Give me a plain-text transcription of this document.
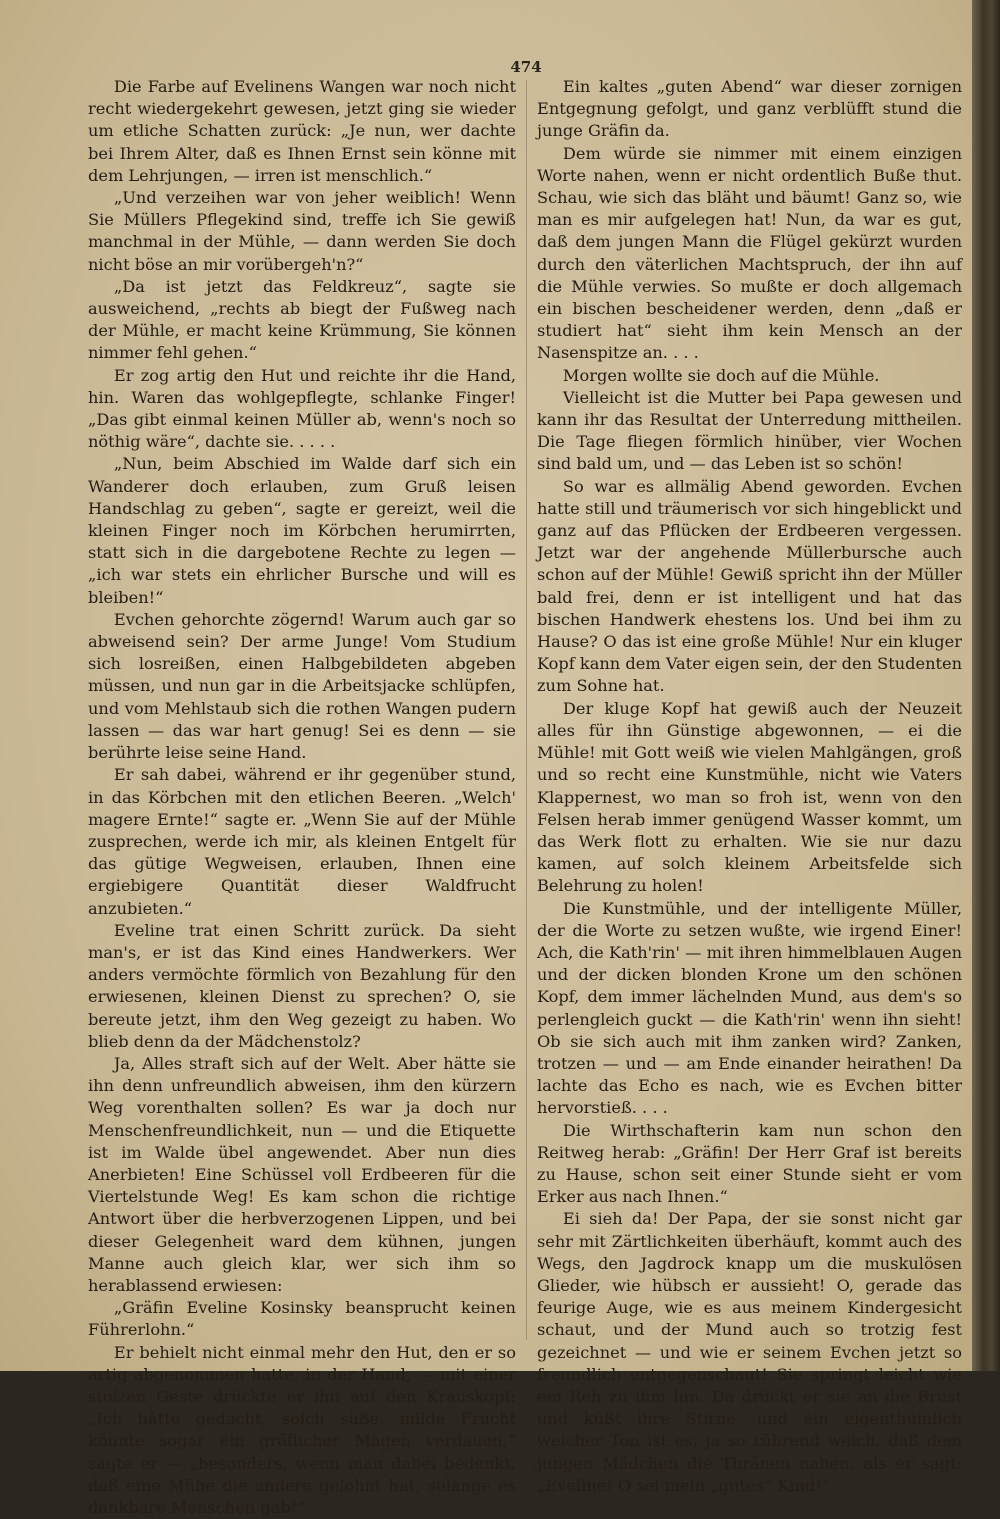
474

Die Farbe auf Evelinens Wangen war noch nicht recht wiedergekehrt gewesen, jetzt ging sie wieder um etliche Schatten zurück: „Je nun, wer dachte bei Ihrem Alter, daß es Ihnen Ernst sein könne mit dem Lehrjungen, — irren ist menschlich.“

„Und verzeihen war von jeher weiblich! Wenn Sie Müllers Pflegekind sind, treffe ich Sie gewiß manchmal in der Mühle, — dann werden Sie doch nicht böse an mir vorübergeh'n?“

„Da ist jetzt das Feldkreuz“, sagte sie ausweichend, „rechts ab biegt der Fußweg nach der Mühle, er macht keine Krümmung, Sie können nimmer fehl gehen.“

Er zog artig den Hut und reichte ihr die Hand, hin. Waren das wohlgepflegte, schlanke Finger! „Das gibt einmal keinen Müller ab, wenn's noch so nöthig wäre“, dachte sie. . . . .

„Nun, beim Abschied im Walde darf sich ein Wanderer doch erlauben, zum Gruß leisen Handschlag zu geben“, sagte er gereizt, weil die kleinen Finger noch im Körbchen herumirrten, statt sich in die dargebotene Rechte zu legen — „ich war stets ein ehrlicher Bursche und will es bleiben!“

Evchen gehorchte zögernd! Warum auch gar so abweisend sein? Der arme Junge! Vom Studium sich losreißen, einen Halbgebildeten abgeben müssen, und nun gar in die Arbeitsjacke schlüpfen, und vom Mehlstaub sich die rothen Wangen pudern lassen — das war hart genug! Sei es denn — sie berührte leise seine Hand.

Er sah dabei, während er ihr gegenüber stund, in das Körbchen mit den etlichen Beeren. „Welch' magere Ernte!“ sagte er. „Wenn Sie auf der Mühle zusprechen, werde ich mir, als kleinen Entgelt für das gütige Wegweisen, erlauben, Ihnen eine ergiebigere Quantität dieser Waldfrucht anzubieten.“

Eveline trat einen Schritt zurück. Da sieht man's, er ist das Kind eines Handwerkers. Wer anders vermöchte förmlich von Bezahlung für den erwiesenen, kleinen Dienst zu sprechen? O, sie bereute jetzt, ihm den Weg gezeigt zu haben. Wo blieb denn da der Mädchenstolz?

Ja, Alles straft sich auf der Welt. Aber hätte sie ihn denn unfreundlich abweisen, ihm den kürzern Weg vorenthalten sollen? Es war ja doch nur Menschenfreundlichkeit, nun — und die Etiquette ist im Walde übel angewendet. Aber nun dies Anerbieten! Eine Schüssel voll Erdbeeren für die Viertelstunde Weg! Es kam schon die richtige Antwort über die herbverzogenen Lippen, und bei dieser Gelegenheit ward dem kühnen, jungen Manne auch gleich klar, wer sich ihm so herablassend erwiesen:

„Gräfin Eveline Kosinsky beansprucht keinen Führerlohn.“

Er behielt nicht einmal mehr den Hut, den er so artig abgenommen hatte, in der Hand, — mit einer stolzen Geste drückte er ihn auf den Krauskopf: „Ich hätte gedacht, solch süße, milde Frucht könnte sogar ein gräflicher Magen verdauen,“ sagte er — „besonders, wenn man dabei bedenkt, daß eine Mühe die andere gelohnt hat, solange es dankbare Menschen gab!“

Ein kaltes „guten Abend“ war dieser zornigen Entgegnung gefolgt, und ganz verblüfft stund die junge Gräfin da.

Dem würde sie nimmer mit einem einzigen Worte nahen, wenn er nicht ordentlich Buße thut. Schau, wie sich das bläht und bäumt! Ganz so, wie man es mir aufgelegen hat! Nun, da war es gut, daß dem jungen Mann die Flügel gekürzt wurden durch den väterlichen Machtspruch, der ihn auf die Mühle verwies. So mußte er doch allgemach ein bischen bescheidener werden, denn „daß er studiert hat“ sieht ihm kein Mensch an der Nasenspitze an. . . .

Morgen wollte sie doch auf die Mühle.

Vielleicht ist die Mutter bei Papa gewesen und kann ihr das Resultat der Unterredung mittheilen. Die Tage fliegen förmlich hinüber, vier Wochen sind bald um, und — das Leben ist so schön!

So war es allmälig Abend geworden. Evchen hatte still und träumerisch vor sich hingeblickt und ganz auf das Pflücken der Erdbeeren vergessen. Jetzt war der angehende Müllerbursche auch schon auf der Mühle! Gewiß spricht ihn der Müller bald frei, denn er ist intelligent und hat das bischen Handwerk ehestens los. Und bei ihm zu Hause? O das ist eine große Mühle! Nur ein kluger Kopf kann dem Vater eigen sein, der den Studenten zum Sohne hat.

Der kluge Kopf hat gewiß auch der Neuzeit alles für ihn Günstige abgewonnen, — ei die Mühle! mit Gott weiß wie vielen Mahlgängen, groß und so recht eine Kunstmühle, nicht wie Vaters Klappernest, wo man so froh ist, wenn von den Felsen herab immer genügend Wasser kommt, um das Werk flott zu erhalten. Wie sie nur dazu kamen, auf solch kleinem Arbeitsfelde sich Belehrung zu holen!

Die Kunstmühle, und der intelligente Müller, der die Worte zu setzen wußte, wie irgend Einer! Ach, die Kath'rin' — mit ihren himmelblauen Augen und der dicken blonden Krone um den schönen Kopf, dem immer lächelnden Mund, aus dem's so perlengleich guckt — die Kath'rin' wenn ihn sieht! Ob sie sich auch mit ihm zanken wird? Zanken, trotzen — und — am Ende einander heirathen! Da lachte das Echo es nach, wie es Evchen bitter hervorstieß. . . .

Die Wirthschafterin kam nun schon den Reitweg herab: „Gräfin! Der Herr Graf ist bereits zu Hause, schon seit einer Stunde sieht er vom Erker aus nach Ihnen.“

Ei sieh da! Der Papa, der sie sonst nicht gar sehr mit Zärtlichkeiten überhäuft, kommt auch des Wegs, den Jagdrock knapp um die muskulösen Glieder, wie hübsch er aussieht! O, gerade das feurige Auge, wie es aus meinem Kindergesicht schaut, und der Mund auch so trotzig fest gezeichnet — und wie er seinem Evchen jetzt so freundlich entgegenschaut! Sie springt leicht wie ein Reh zu ihm hin. Da drückt er sie an die Brust und küßt ihre Stirne, und ein eigenthümlich weicher Ton ist es, ja so rührend weich, daß dem jungen Mädchen die Thränen nahen, als er sagt: „Eveline! O sei mein „gutes“ Kind!“
